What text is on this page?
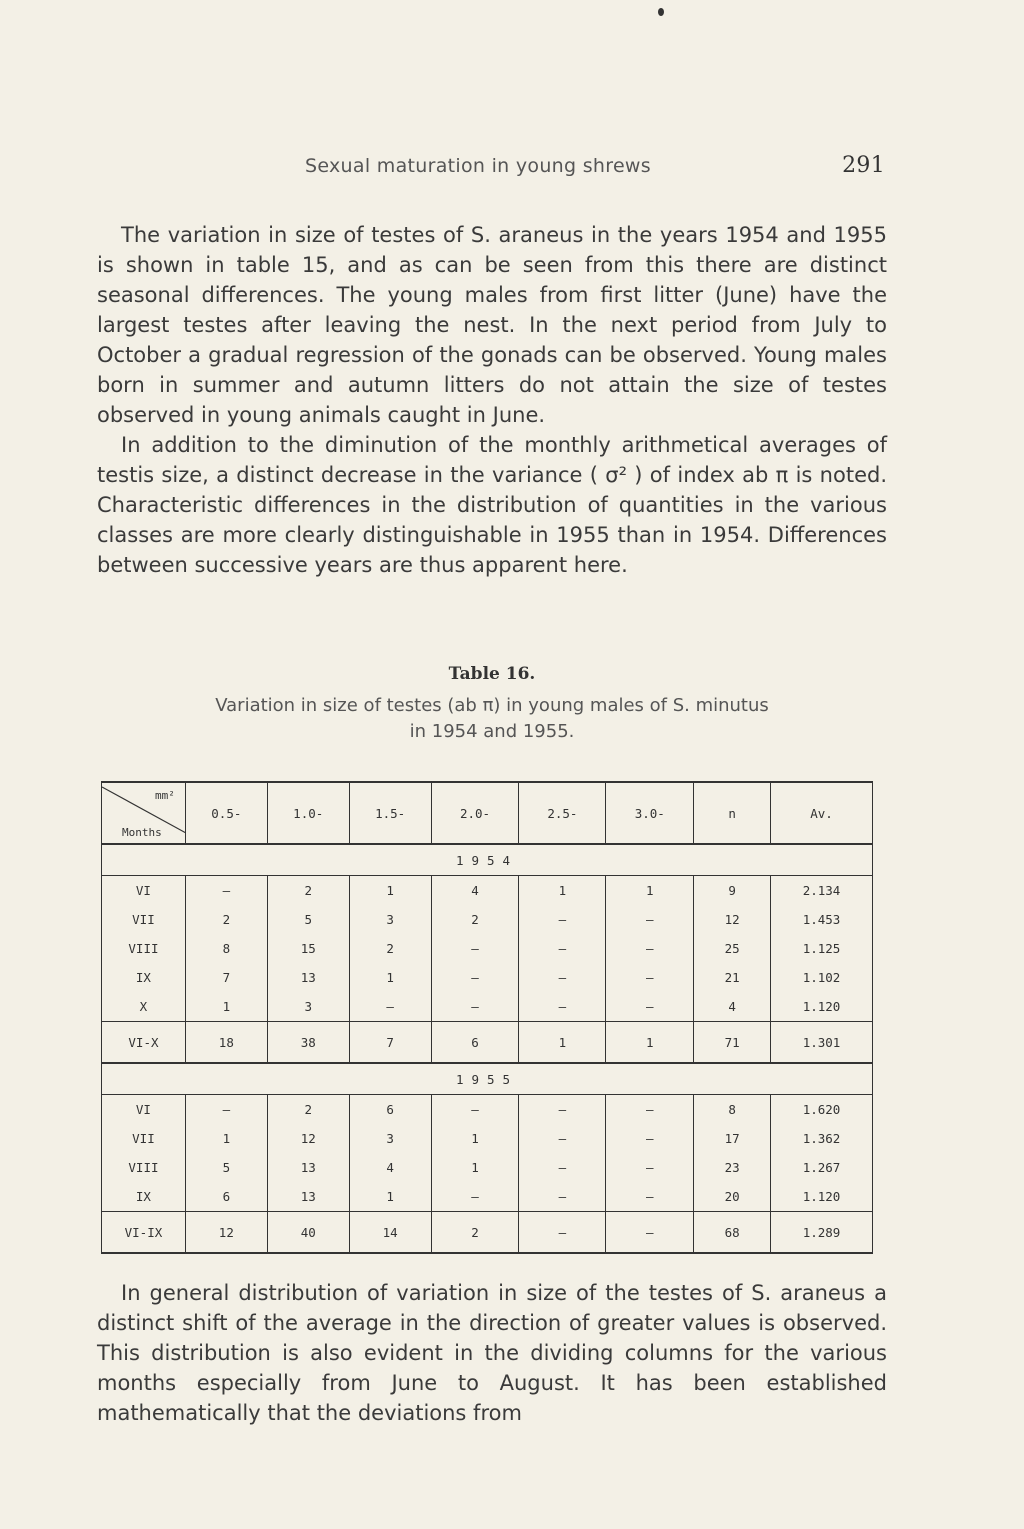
Sexual maturation in young shrews	291

The variation in size of testes of S. araneus in the years 1954 and 1955 is shown in table 15, and as can be seen from this there are distinct seasonal differences. The young males from first litter (June) have the largest testes after leaving the nest. In the next period from July to October a gradual regression of the gonads can be observed. Young males born in summer and autumn litters do not attain the size of testes observed in young animals caught in June.

In addition to the diminution of the monthly arithmetical averages of testis size, a distinct decrease in the variance ( σ² ) of index ab π is noted. Characteristic differences in the distribution of quantities in the various classes are more clearly distinguishable in 1955 than in 1954. Differences between successive years are thus apparent here.

Table 16.
Variation in size of testes (ab π) in young males of S. minutus
in 1954 and 1955.
mm²
Months	0.5-	1.0-	1.5-	2.0-	2.5-	3.0-	n	Av.
1954								
VI	–	2	1	4	1	1	9	2.134
VII	2	5	3	2	–	–	12	1.453
VIII	8	15	2	–	–	–	25	1.125
IX	7	13	1	–	–	–	21	1.102
X	1	3	–	–	–	–	4	1.120
VI-X	18	38	7	6	1	1	71	1.301
1955								
VI	–	2	6	–	–	–	8	1.620
VII	1	12	3	1	–	–	17	1.362
VIII	5	13	4	1	–	–	23	1.267
IX	6	13	1	–	–	–	20	1.120
VI-IX	12	40	14	2	–	–	68	1.289

In general distribution of variation in size of the testes of S. araneus a distinct shift of the average in the direction of greater values is observed. This distribution is also evident in the dividing columns for the various months especially from June to August. It has been established mathematically that the deviations from
